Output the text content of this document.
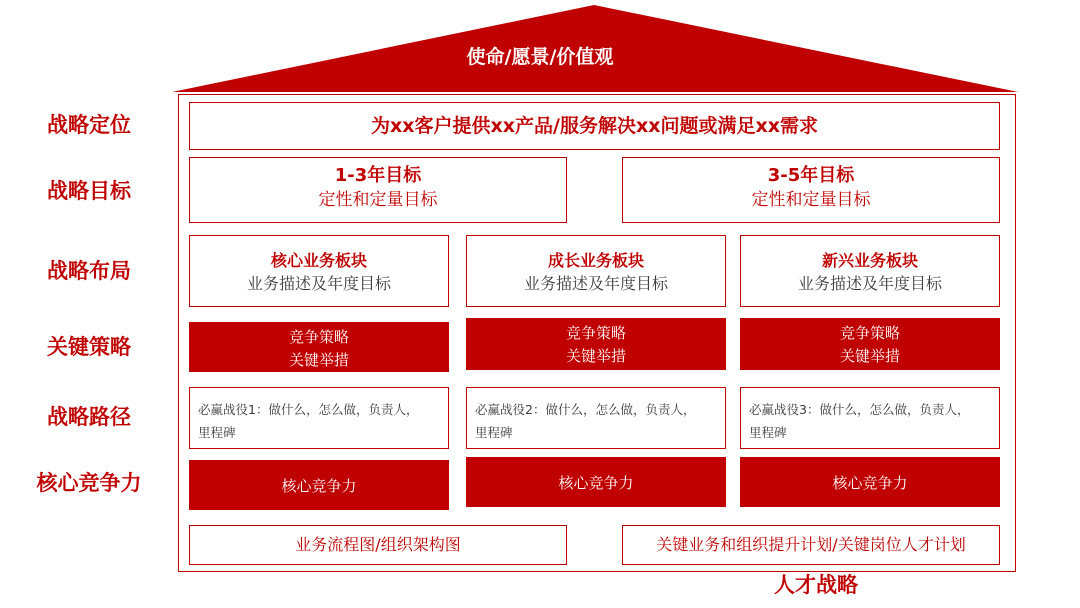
使命/愿景/价值观
战略定位
战略目标
战略布局
关键策略
战略路径
核心竞争力
为xx客户提供xx产品/服务解决xx问题或满足xx需求
1-3年目标
定性和定量目标
3-5年目标
定性和定量目标
核心业务板块
业务描述及年度目标
成长业务板块
业务描述及年度目标
新兴业务板块
业务描述及年度目标
竞争策略
关键举措
竞争策略
关键举措
竞争策略
关键举措
必赢战役1：做什么，怎么做，负责人，
里程碑
必赢战役2：做什么，怎么做，负责人，
里程碑
必赢战役3：做什么，怎么做，负责人，
里程碑
核心竞争力	核心竞争力	核心竞争力
业务流程图/组织架构图	关键业务和组织提升计划/关键岗位人才计划
人才战略
